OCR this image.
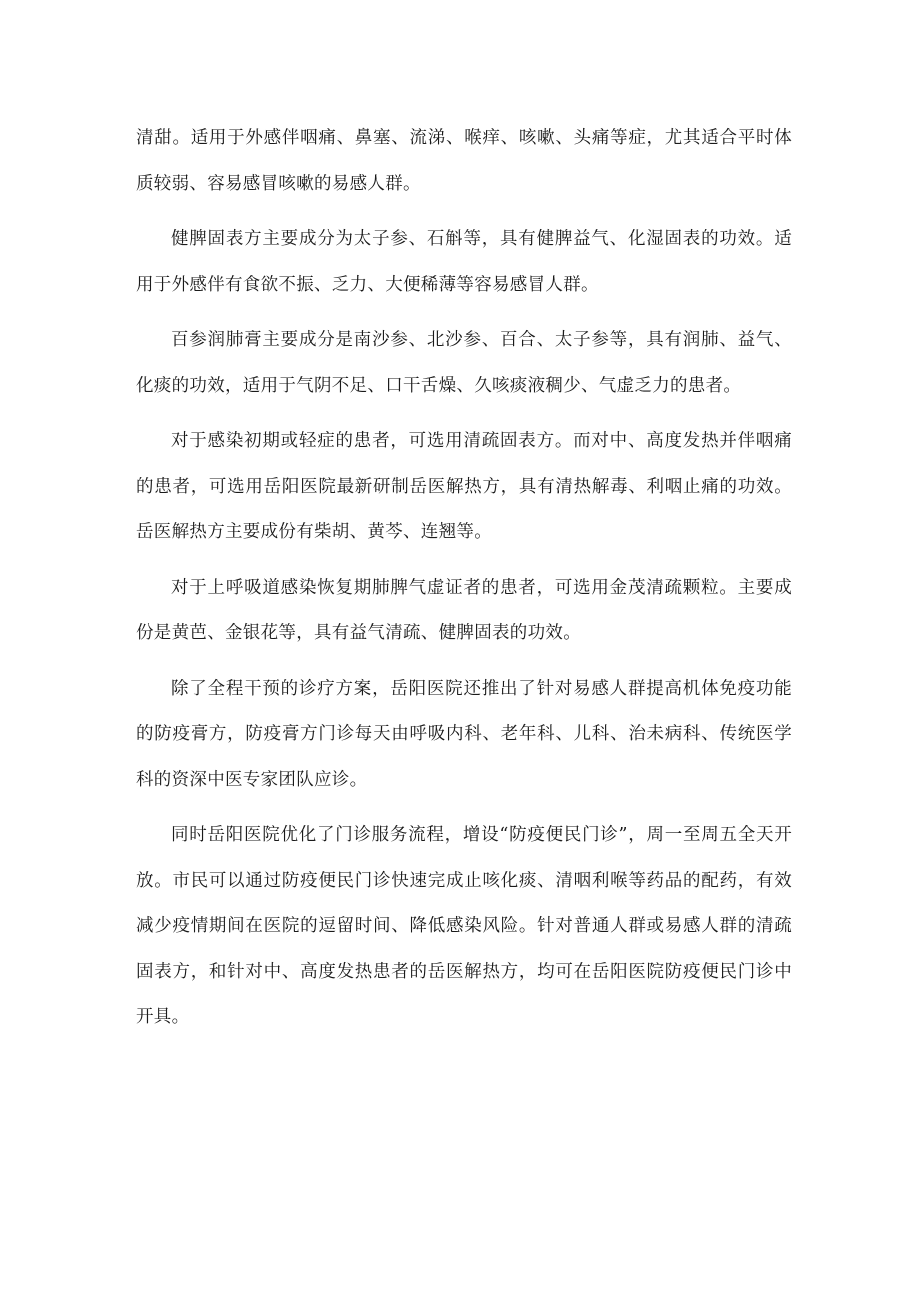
清甜。适用于外感伴咽痛、鼻塞、流涕、喉痒、咳嗽、头痛等症，尤其适合平时体质较弱、容易感冒咳嗽的易感人群。

健脾固表方主要成分为太子参、石斛等，具有健脾益气、化湿固表的功效。适用于外感伴有食欲不振、乏力、大便稀薄等容易感冒人群。

百参润肺膏主要成分是南沙参、北沙参、百合、太子参等，具有润肺、益气、化痰的功效，适用于气阴不足、口干舌燥、久咳痰液稠少、气虚乏力的患者。

对于感染初期或轻症的患者，可选用清疏固表方。而对中、高度发热并伴咽痛的患者，可选用岳阳医院最新研制岳医解热方，具有清热解毒、利咽止痛的功效。岳医解热方主要成份有柴胡、黄芩、连翘等。

对于上呼吸道感染恢复期肺脾气虚证者的患者，可选用金茂清疏颗粒。主要成份是黄芭、金银花等，具有益气清疏、健脾固表的功效。

除了全程干预的诊疗方案，岳阳医院还推出了针对易感人群提高机体免疫功能的防疫膏方，防疫膏方门诊每天由呼吸内科、老年科、儿科、治未病科、传统医学科的资深中医专家团队应诊。

同时岳阳医院优化了门诊服务流程，增设“防疫便民门诊”，周一至周五全天开放。市民可以通过防疫便民门诊快速完成止咳化痰、清咽利喉等药品的配药，有效减少疫情期间在医院的逗留时间、降低感染风险。针对普通人群或易感人群的清疏固表方，和针对中、高度发热患者的岳医解热方，均可在岳阳医院防疫便民门诊中开具。
